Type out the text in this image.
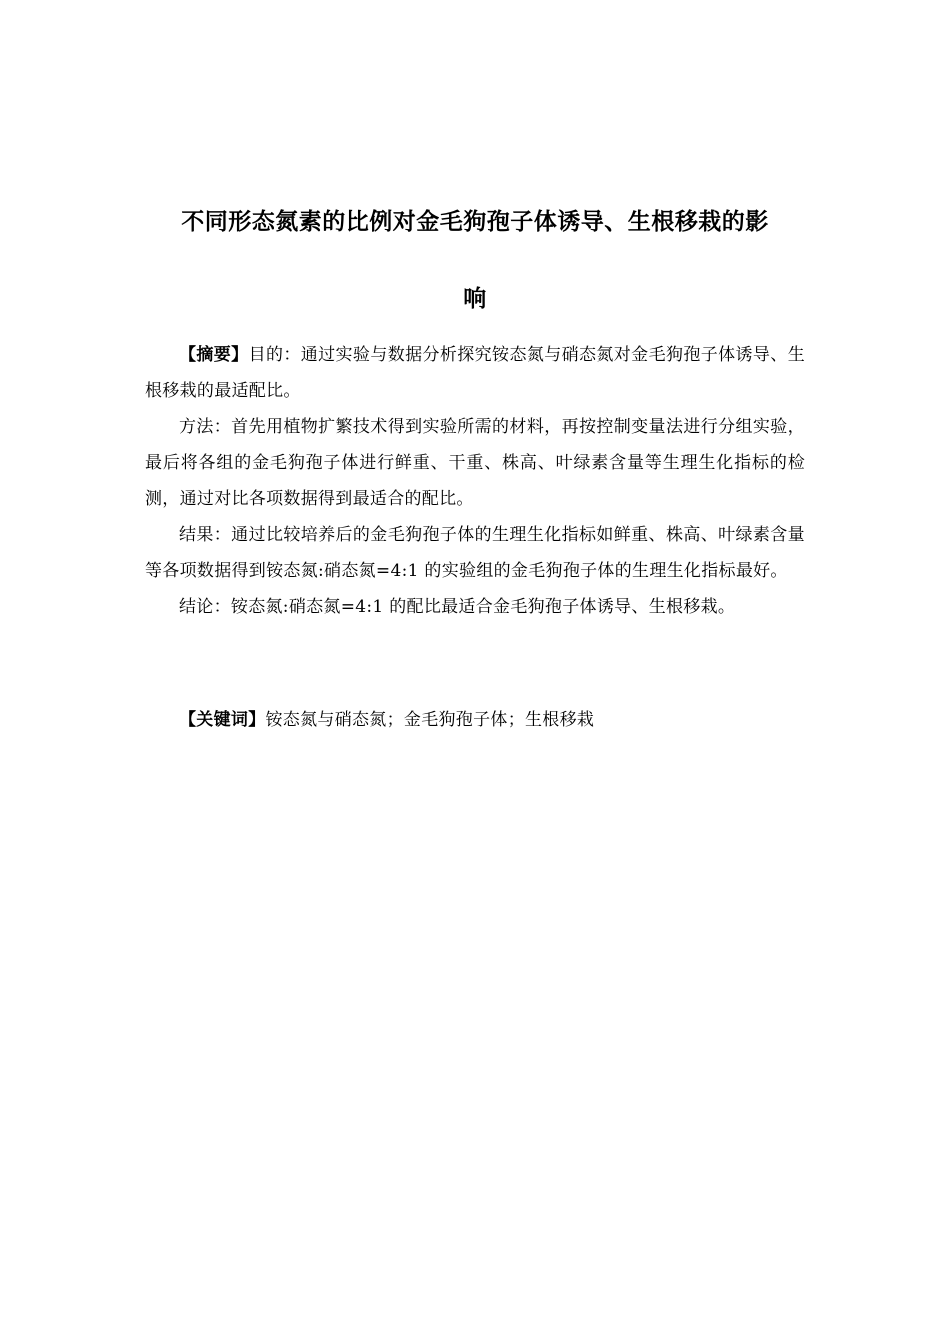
不同形态氮素的比例对金毛狗孢子体诱导、生根移栽的影
响

【摘要】目的：通过实验与数据分析探究铵态氮与硝态氮对金毛狗孢子体诱导、生根移栽的最适配比。

方法：首先用植物扩繁技术得到实验所需的材料，再按控制变量法进行分组实验，最后将各组的金毛狗孢子体进行鲜重、干重、株高、叶绿素含量等生理生化指标的检测，通过对比各项数据得到最适合的配比。

结果：通过比较培养后的金毛狗孢子体的生理生化指标如鲜重、株高、叶绿素含量等各项数据得到铵态氮:硝态氮=4:1 的实验组的金毛狗孢子体的生理生化指标最好。

结论：铵态氮:硝态氮=4:1 的配比最适合金毛狗孢子体诱导、生根移栽。

【关键词】铵态氮与硝态氮；金毛狗孢子体；生根移栽
